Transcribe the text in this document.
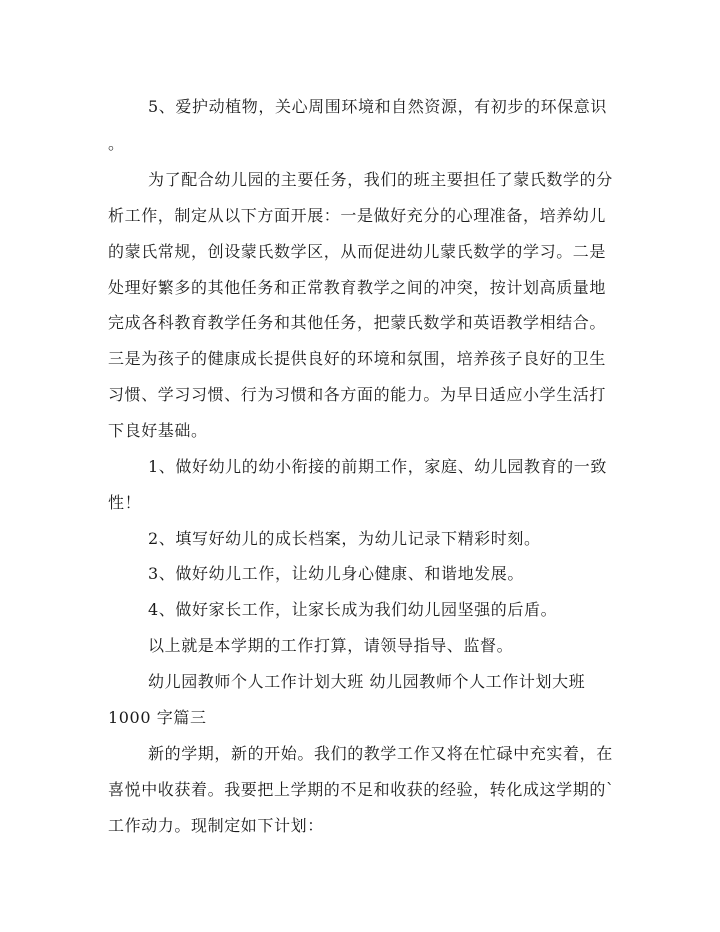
5、爱护动植物，关心周围环境和自然资源，有初步的环保意识
。
为了配合幼儿园的主要任务，我们的班主要担任了蒙氏数学的分
析工作，制定从以下方面开展：一是做好充分的心理准备，培养幼儿
的蒙氏常规，创设蒙氏数学区，从而促进幼儿蒙氏数学的学习。二是
处理好繁多的其他任务和正常教育教学之间的冲突，按计划高质量地
完成各科教育教学任务和其他任务，把蒙氏数学和英语教学相结合。
三是为孩子的健康成长提供良好的环境和氛围，培养孩子良好的卫生
习惯、学习习惯、行为习惯和各方面的能力。为早日适应小学生活打
下良好基础。
1、做好幼儿的幼小衔接的前期工作，家庭、幼儿园教育的一致
性！
2、填写好幼儿的成长档案，为幼儿记录下精彩时刻。
3、做好幼儿工作，让幼儿身心健康、和谐地发展。
4、做好家长工作，让家长成为我们幼儿园坚强的后盾。
以上就是本学期的工作打算，请领导指导、监督。
幼儿园教师个人工作计划大班 幼儿园教师个人工作计划大班
1000 字篇三
新的学期，新的开始。我们的教学工作又将在忙碌中充实着，在
喜悦中收获着。我要把上学期的不足和收获的经验，转化成这学期的`
工作动力。现制定如下计划：
